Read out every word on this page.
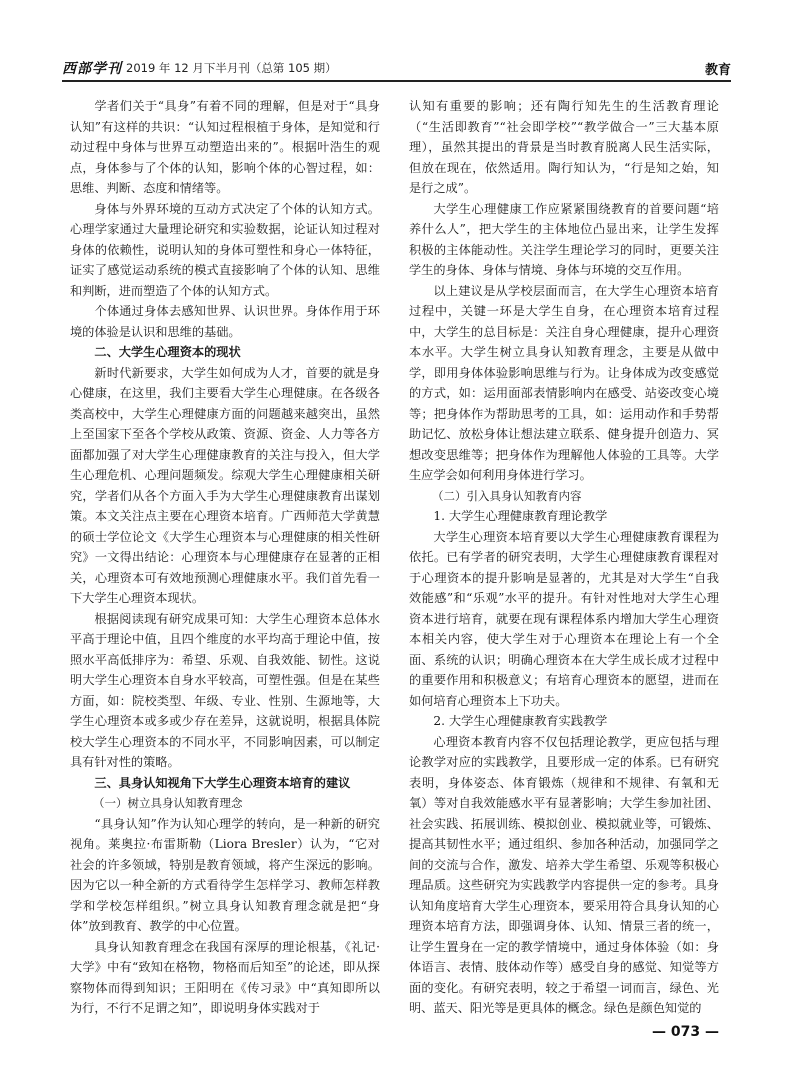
西部学刊 2019 年 12 月下半月刊（总第 105 期）	教育

学者们关于“具身”有着不同的理解，但是对于“具身认知”有这样的共识：“认知过程根植于身体，是知觉和行动过程中身体与世界互动塑造出来的”。根据叶浩生的观点，身体参与了个体的认知，影响个体的心智过程，如：思维、判断、态度和情绪等。

身体与外界环境的互动方式决定了个体的认知方式。心理学家通过大量理论研究和实验数据，论证认知过程对身体的依赖性，说明认知的身体可塑性和身心一体特征，证实了感觉运动系统的模式直接影响了个体的认知、思维和判断，进而塑造了个体的认知方式。

个体通过身体去感知世界、认识世界。身体作用于环境的体验是认识和思维的基础。

二、大学生心理资本的现状

新时代新要求，大学生如何成为人才，首要的就是身心健康，在这里，我们主要看大学生心理健康。在各级各类高校中，大学生心理健康方面的问题越来越突出，虽然上至国家下至各个学校从政策、资源、资金、人力等各方面都加强了对大学生心理健康教育的关注与投入，但大学生心理危机、心理问题频发。综观大学生心理健康相关研究，学者们从各个方面入手为大学生心理健康教育出谋划策。本文关注点主要在心理资本培育。广西师范大学黄慧的硕士学位论文《大学生心理资本与心理健康的相关性研究》一文得出结论：心理资本与心理健康存在显著的正相关，心理资本可有效地预测心理健康水平。我们首先看一下大学生心理资本现状。

根据阅读现有研究成果可知：大学生心理资本总体水平高于理论中值，且四个维度的水平均高于理论中值，按照水平高低排序为：希望、乐观、自我效能、韧性。这说明大学生心理资本自身水平较高，可塑性强。但是在某些方面，如：院校类型、年级、专业、性别、生源地等，大学生心理资本或多或少存在差异，这就说明，根据具体院校大学生心理资本的不同水平，不同影响因素，可以制定具有针对性的策略。

三、具身认知视角下大学生心理资本培育的建议
（一）树立具身认知教育理念

“具身认知”作为认知心理学的转向，是一种新的研究视角。莱奥拉·布雷斯勒（Liora Bresler）认为，“它对社会的许多领域，特别是教育领域，将产生深远的影响。因为它以一种全新的方式看待学生怎样学习、教师怎样教学和学校怎样组织。”树立具身认知教育理念就是把“身体”放到教育、教学的中心位置。

具身认知教育理念在我国有深厚的理论根基，《礼记·大学》中有“致知在格物，物格而后知至”的论述，即从探察物体而得到知识；王阳明在《传习录》中“真知即所以为行，不行不足谓之知”，即说明身体实践对于

认知有重要的影响；还有陶行知先生的生活教育理论（“生活即教育”“社会即学校”“教学做合一”三大基本原理），虽然其提出的背景是当时教育脱离人民生活实际，但放在现在，依然适用。陶行知认为，“行是知之始，知是行之成”。

大学生心理健康工作应紧紧围绕教育的首要问题“培养什么人”，把大学生的主体地位凸显出来，让学生发挥积极的主体能动性。关注学生理论学习的同时，更要关注学生的身体、身体与情境、身体与环境的交互作用。

以上建议是从学校层面而言，在大学生心理资本培育过程中，关键一环是大学生自身，在心理资本培育过程中，大学生的总目标是：关注自身心理健康，提升心理资本水平。大学生树立具身认知教育理念，主要是从做中学，即用身体体验影响思维与行为。让身体成为改变感觉的方式，如：运用面部表情影响内在感受、站姿改变心境等；把身体作为帮助思考的工具，如：运用动作和手势帮助记忆、放松身体让想法建立联系、健身提升创造力、冥想改变思维等；把身体作为理解他人体验的工具等。大学生应学会如何利用身体进行学习。

（二）引入具身认知教育内容
1. 大学生心理健康教育理论教学

大学生心理资本培育要以大学生心理健康教育课程为依托。已有学者的研究表明，大学生心理健康教育课程对于心理资本的提升影响是显著的，尤其是对大学生“自我效能感”和“乐观”水平的提升。有针对性地对大学生心理资本进行培育，就要在现有课程体系内增加大学生心理资本相关内容，使大学生对于心理资本在理论上有一个全面、系统的认识；明确心理资本在大学生成长成才过程中的重要作用和积极意义；有培育心理资本的愿望，进而在如何培育心理资本上下功夫。

2. 大学生心理健康教育实践教学

心理资本教育内容不仅包括理论教学，更应包括与理论教学对应的实践教学，且要形成一定的体系。已有研究表明，身体姿态、体育锻炼（规律和不规律、有氧和无氧）等对自我效能感水平有显著影响；大学生参加社团、社会实践、拓展训练、模拟创业、模拟就业等，可锻炼、提高其韧性水平；通过组织、参加各种活动，加强同学之间的交流与合作，激发、培养大学生希望、乐观等积极心理品质。这些研究为实践教学内容提供一定的参考。具身认知角度培育大学生心理资本，要采用符合具身认知的心理资本培育方法，即强调身体、认知、情景三者的统一，让学生置身在一定的教学情境中，通过身体体验（如：身体语言、表情、肢体动作等）感受自身的感觉、知觉等方面的变化。有研究表明，较之于希望一词而言，绿色、光明、蓝天、阳光等是更具体的概念。绿色是颜色知觉的

— 073 —
